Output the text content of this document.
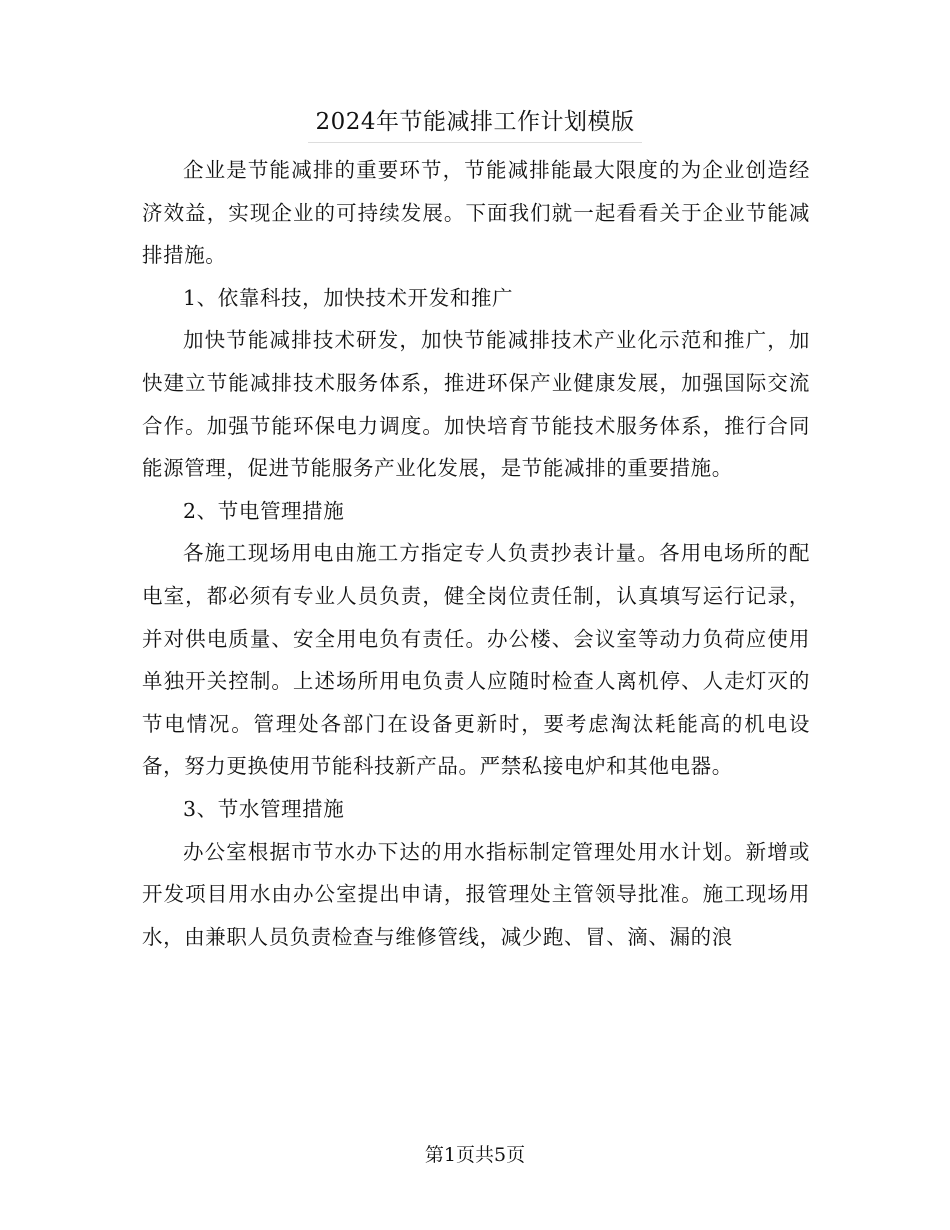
2024年节能减排工作计划模版

企业是节能减排的重要环节，节能减排能最大限度的为企业创造经济效益，实现企业的可持续发展。下面我们就一起看看关于企业节能减排措施。

1、依靠科技，加快技术开发和推广

加快节能减排技术研发，加快节能减排技术产业化示范和推广，加快建立节能减排技术服务体系，推进环保产业健康发展，加强国际交流合作。加强节能环保电力调度。加快培育节能技术服务体系，推行合同能源管理，促进节能服务产业化发展，是节能减排的重要措施。

2、节电管理措施

各施工现场用电由施工方指定专人负责抄表计量。各用电场所的配电室，都必须有专业人员负责，健全岗位责任制，认真填写运行记录，并对供电质量、安全用电负有责任。办公楼、会议室等动力负荷应使用单独开关控制。上述场所用电负责人应随时检查人离机停、人走灯灭的节电情况。管理处各部门在设备更新时，要考虑淘汰耗能高的机电设备，努力更换使用节能科技新产品。严禁私接电炉和其他电器。

3、节水管理措施

办公室根据市节水办下达的用水指标制定管理处用水计划。新增或开发项目用水由办公室提出申请，报管理处主管领导批准。施工现场用水，由兼职人员负责检查与维修管线，减少跑、冒、滴、漏的浪

第1页共5页
